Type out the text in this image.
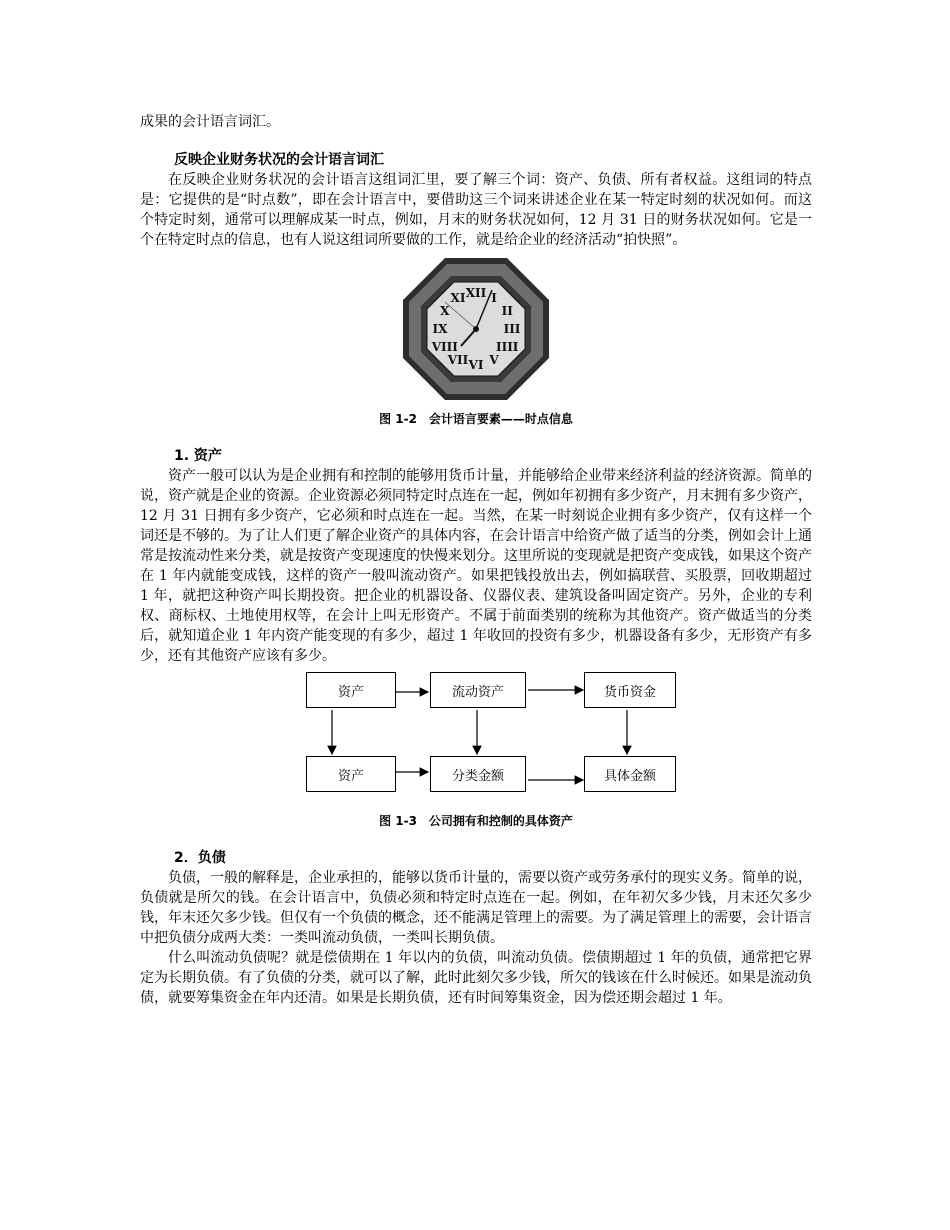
成果的会计语言词汇。

反映企业财务状况的会计语言词汇

在反映企业财务状况的会计语言这组词汇里，要了解三个词：资产、负债、所有者权益。这组词的特点是：它提供的是“时点数”，即在会计语言中，要借助这三个词来讲述企业在某一特定时刻的状况如何。而这个特定时刻，通常可以理解成某一时点，例如，月末的财务状况如何，12 月 31 日的财务状况如何。它是一个在特定时点的信息，也有人说这组词所要做的工作，就是给企业的经济活动“拍快照”。

XI XII I
II
III
IIII
V
VI
VII
VIII
IX
X
图 1-2　会计语言要素——时点信息
1. 资产

资产一般可以认为是企业拥有和控制的能够用货币计量，并能够给企业带来经济利益的经济资源。简单的说，资产就是企业的资源。企业资源必须同特定时点连在一起，例如年初拥有多少资产，月末拥有多少资产，12 月 31 日拥有多少资产，它必须和时点连在一起。当然，在某一时刻说企业拥有多少资产，仅有这样一个词还是不够的。为了让人们更了解企业资产的具体内容，在会计语言中给资产做了适当的分类，例如会计上通常是按流动性来分类，就是按资产变现速度的快慢来划分。这里所说的变现就是把资产变成钱，如果这个资产在 1 年内就能变成钱，这样的资产一般叫流动资产。如果把钱投放出去，例如搞联营、买股票，回收期超过 1 年，就把这种资产叫长期投资。把企业的机器设备、仪器仪表、建筑设备叫固定资产。另外，企业的专利权、商标权、土地使用权等，在会计上叫无形资产。不属于前面类别的统称为其他资产。资产做适当的分类后，就知道企业 1 年内资产能变现的有多少，超过 1 年收回的投资有多少，机器设备有多少，无形资产有多少，还有其他资产应该有多少。

资产	流动资产	货币资金
资产	分类金额	具体金额
图 1-3　公司拥有和控制的具体资产
2．负债

负债，一般的解释是，企业承担的，能够以货币计量的，需要以资产或劳务承付的现实义务。简单的说，负债就是所欠的钱。在会计语言中，负债必须和特定时点连在一起。例如，在年初欠多少钱，月末还欠多少钱，年末还欠多少钱。但仅有一个负债的概念，还不能满足管理上的需要。为了满足管理上的需要，会计语言中把负债分成两大类：一类叫流动负债，一类叫长期负债。

什么叫流动负债呢？就是偿债期在 1 年以内的负债，叫流动负债。偿债期超过 1 年的负债，通常把它界定为长期负债。有了负债的分类，就可以了解，此时此刻欠多少钱，所欠的钱该在什么时候还。如果是流动负债，就要筹集资金在年内还清。如果是长期负债，还有时间筹集资金，因为偿还期会超过 1 年。
